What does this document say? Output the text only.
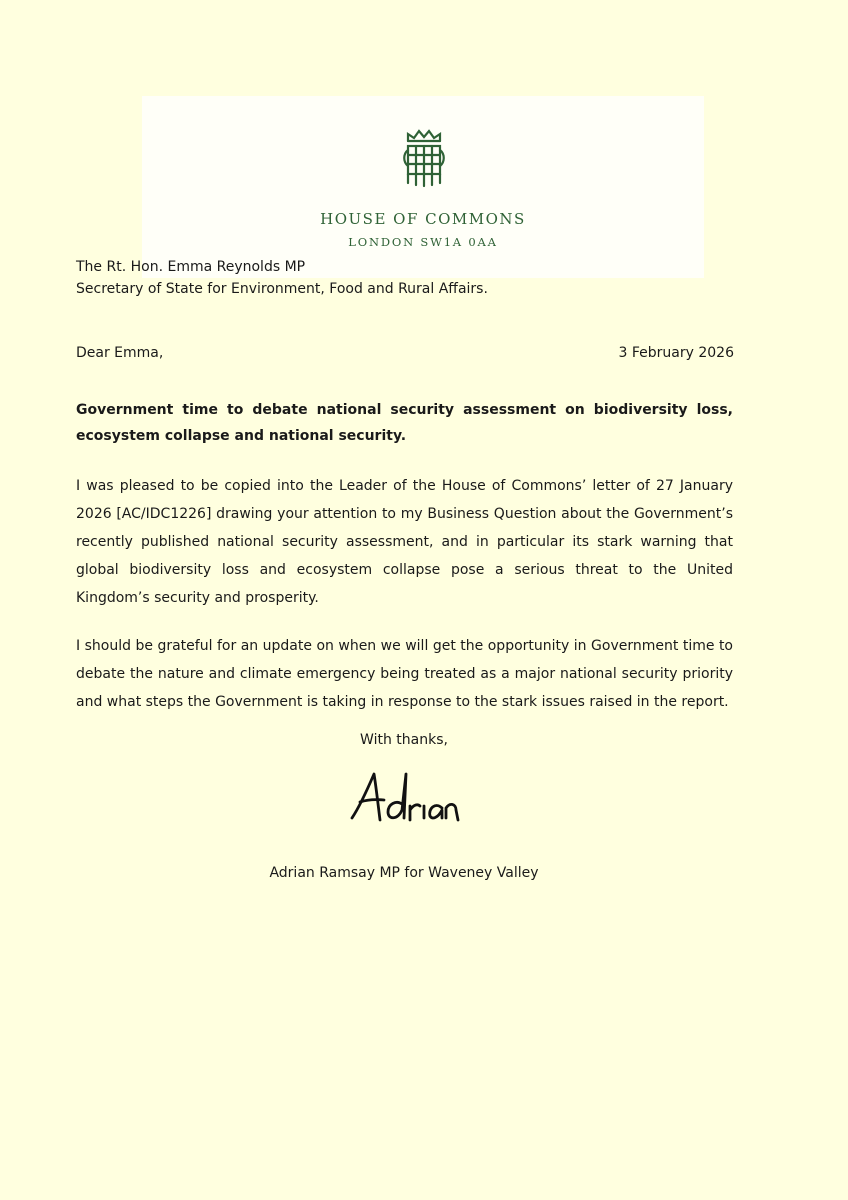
HOUSE OF COMMONS
LONDON SW1A 0AA
The Rt. Hon. Emma Reynolds MP
Secretary of State for Environment, Food and Rural Affairs.
Dear Emma,	3 February 2026
Government time to debate national security assessment on biodiversity loss, ecosystem collapse and national security.
I was pleased to be copied into the Leader of the House of Commons’ letter of 27 January 2026 [AC/IDC1226] drawing your attention to my Business Question about the Government’s recently published national security assessment, and in particular its stark warning that global biodiversity loss and ecosystem collapse pose a serious threat to the United Kingdom’s security and prosperity.
I should be grateful for an update on when we will get the opportunity in Government time to debate the nature and climate emergency being treated as a major national security priority and what steps the Government is taking in response to the stark issues raised in the report.
With thanks,
Adrian Ramsay MP for Waveney Valley
